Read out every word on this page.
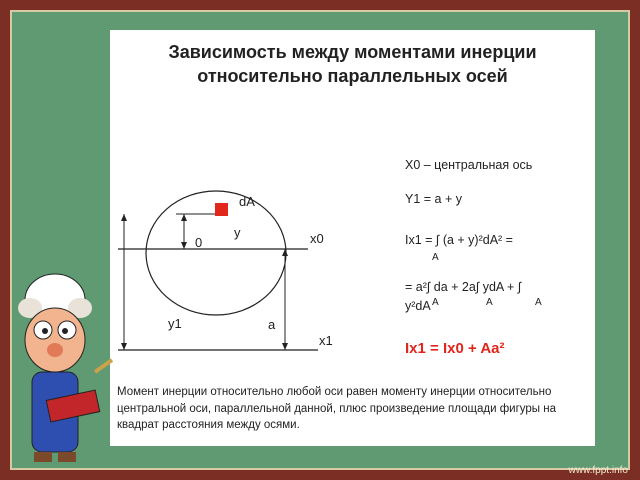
Зависимость между моментами инерции
относительно параллельных осей
dA
y	x0
0
y1	a
x1
X0 – центральная ось
Y1 = a + y
Ix1 = ∫ (a + y)²dA² =
A
= a²∫ da + 2a∫ ydA + ∫
A	A	A
y²dA
Ix1 = Ix0 + Aa²
Момент инерции относительно любой оси равен моменту инерции относительно центральной оси, параллельной данной, плюс произведение площади фигуры на квадрат расстояния между осями.
www.fppt.info
